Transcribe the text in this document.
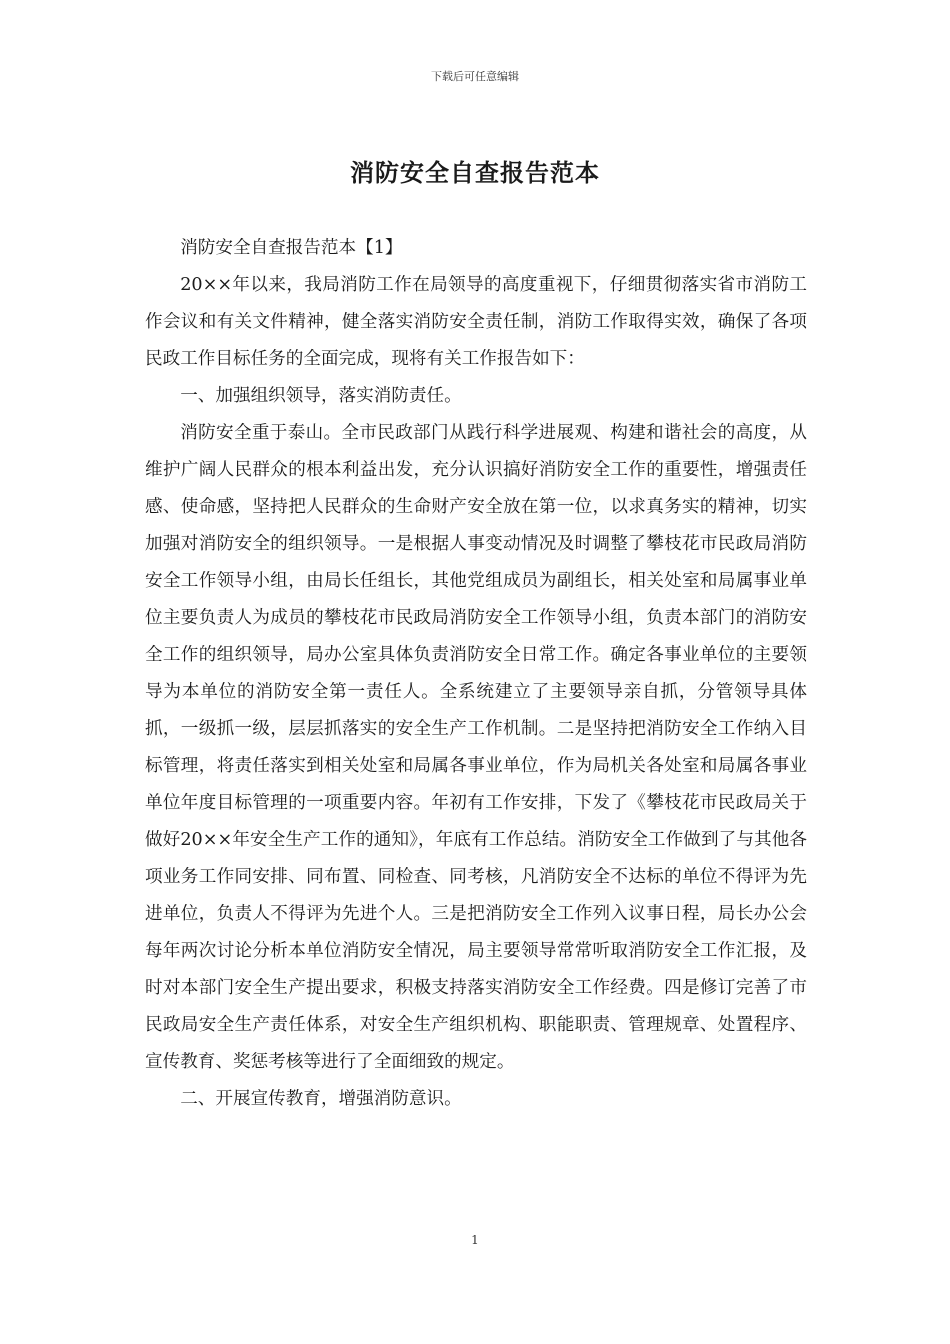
下载后可任意编辑
消防安全自查报告范本

消防安全自查报告范本【1】

20××年以来，我局消防工作在局领导的高度重视下，仔细贯彻落实省市消防工作会议和有关文件精神，健全落实消防安全责任制，消防工作取得实效，确保了各项民政工作目标任务的全面完成，现将有关工作报告如下：

一、加强组织领导，落实消防责任。

消防安全重于泰山。全市民政部门从践行科学进展观、构建和谐社会的高度，从维护广阔人民群众的根本利益出发，充分认识搞好消防安全工作的重要性，增强责任感、使命感，坚持把人民群众的生命财产安全放在第一位，以求真务实的精神，切实加强对消防安全的组织领导。一是根据人事变动情况及时调整了攀枝花市民政局消防安全工作领导小组，由局长任组长，其他党组成员为副组长，相关处室和局属事业单位主要负责人为成员的攀枝花市民政局消防安全工作领导小组，负责本部门的消防安全工作的组织领导，局办公室具体负责消防安全日常工作。确定各事业单位的主要领导为本单位的消防安全第一责任人。全系统建立了主要领导亲自抓，分管领导具体抓，一级抓一级，层层抓落实的安全生产工作机制。二是坚持把消防安全工作纳入目标管理，将责任落实到相关处室和局属各事业单位，作为局机关各处室和局属各事业单位年度目标管理的一项重要内容。年初有工作安排，下发了《攀枝花市民政局关于做好20××年安全生产工作的通知》，年底有工作总结。消防安全工作做到了与其他各项业务工作同安排、同布置、同检查、同考核，凡消防安全不达标的单位不得评为先进单位，负责人不得评为先进个人。三是把消防安全工作列入议事日程，局长办公会每年两次讨论分析本单位消防安全情况，局主要领导常常听取消防安全工作汇报，及时对本部门安全生产提出要求，积极支持落实消防安全工作经费。四是修订完善了市民政局安全生产责任体系，对安全生产组织机构、职能职责、管理规章、处置程序、宣传教育、奖惩考核等进行了全面细致的规定。

二、开展宣传教育，增强消防意识。

1
